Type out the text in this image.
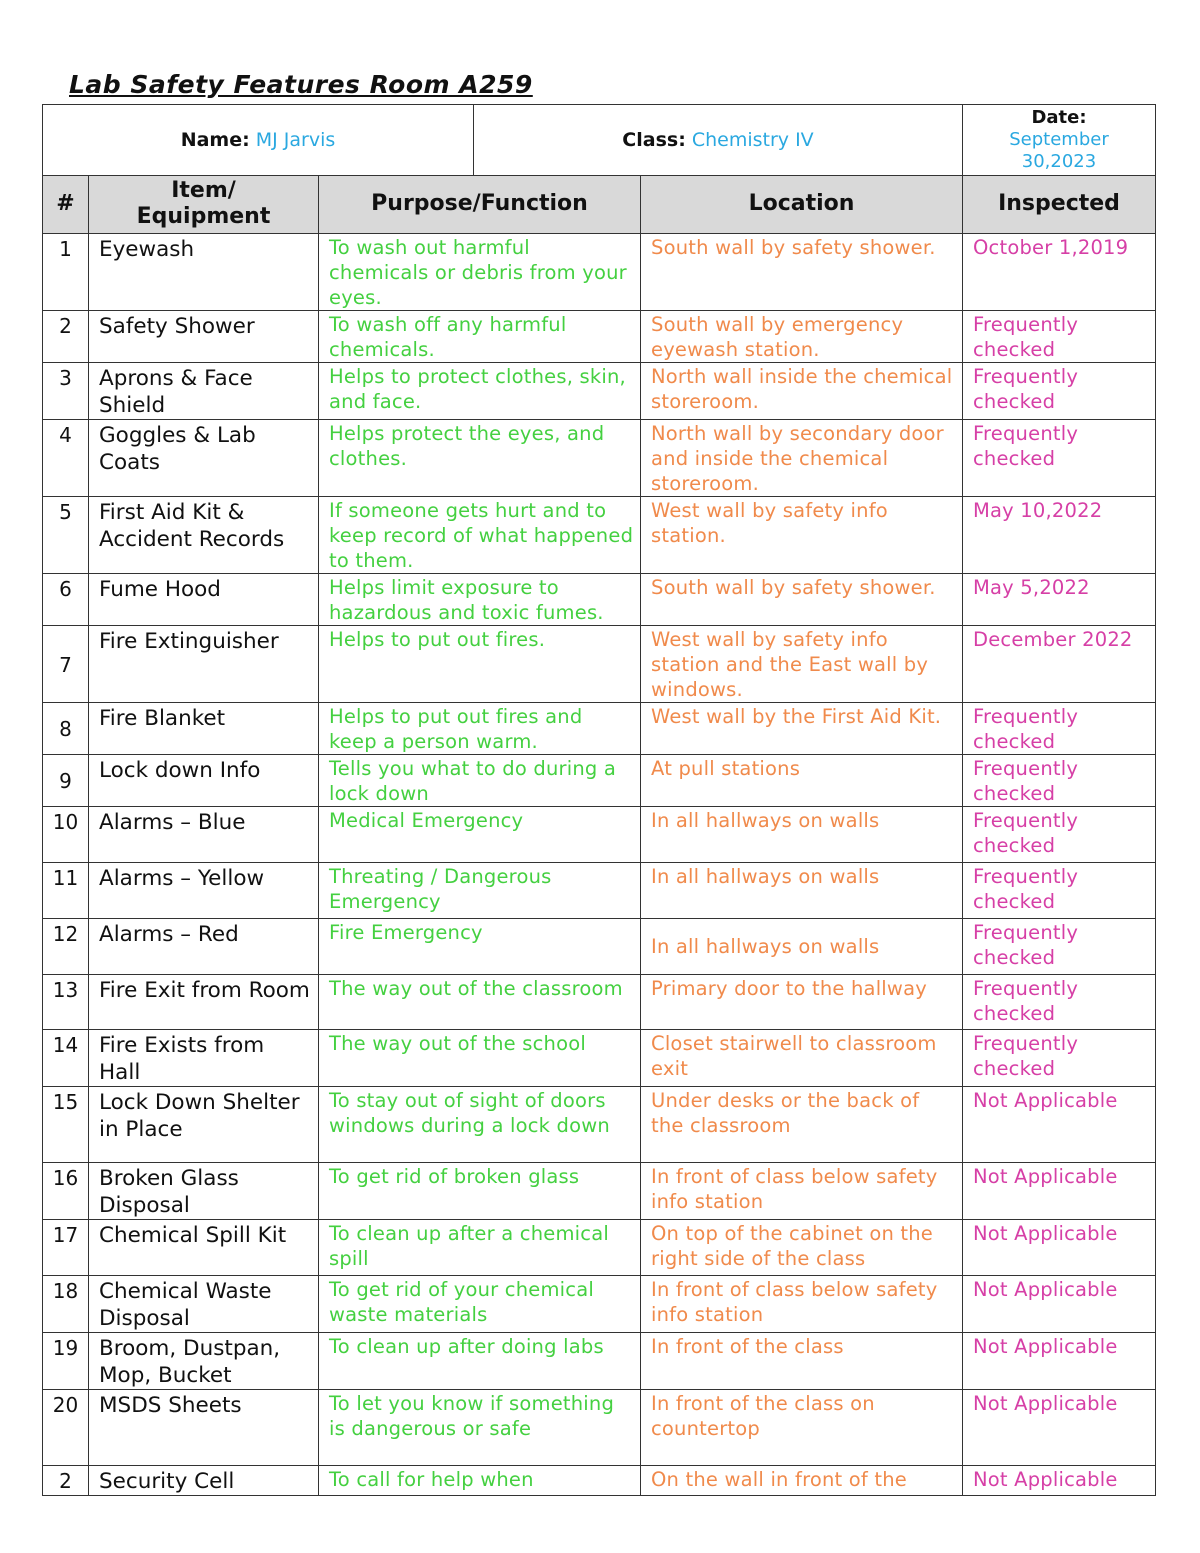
Lab Safety Features Room A259
Name: MJ Jarvis	Class: Chemistry IV	Date:
September 30,2023
#	Item/ Equipment	Purpose/Function	Location	Inspected
1	Eyewash	To wash out harmful chemicals or debris from your eyes.	South wall by safety shower.	October 1,2019
2	Safety Shower	To wash off any harmful chemicals.	South wall by emergency eyewash station.	Frequently checked
3	Aprons & Face Shield	Helps to protect clothes, skin, and face.	North wall inside the chemical storeroom.	Frequently checked
4	Goggles & Lab Coats	Helps protect the eyes, and clothes.	North wall by secondary door and inside the chemical storeroom.	Frequently checked
5	First Aid Kit & Accident Records	If someone gets hurt and to keep record of what happened to them.	West wall by safety info station.	May 10,2022
6	Fume Hood	Helps limit exposure to hazardous and toxic fumes.	South wall by safety shower.	May 5,2022
7	Fire Extinguisher	Helps to put out fires.	West wall by safety info station and the East wall by windows.	December 2022
8	Fire Blanket	Helps to put out fires and keep a person warm.	West wall by the First Aid Kit.	Frequently checked
9	Lock down Info	Tells you what to do during a lock down	At pull stations	Frequently checked
10	Alarms – Blue	Medical Emergency	In all hallways on walls	Frequently checked
11	Alarms – Yellow	Threating / Dangerous Emergency	In all hallways on walls	Frequently checked
12	Alarms – Red	Fire Emergency	In all hallways on walls	Frequently checked
13	Fire Exit from Room	The way out of the classroom	Primary door to the hallway	Frequently checked
14	Fire Exists from Hall	The way out of the school	Closet stairwell to classroom exit	Frequently checked
15	Lock Down Shelter in Place	To stay out of sight of doors windows during a lock down	Under desks or the back of the classroom	Not Applicable
16	Broken Glass Disposal	To get rid of broken glass	In front of class below safety info station	Not Applicable
17	Chemical Spill Kit	To clean up after a chemical spill	On top of the cabinet on the right side of the class	Not Applicable
18	Chemical Waste Disposal	To get rid of your chemical waste materials	In front of class below safety info station	Not Applicable
19	Broom, Dustpan, Mop, Bucket	To clean up after doing labs	In front of the class	Not Applicable
20	MSDS Sheets	To let you know if something is dangerous or safe	In front of the class on countertop	Not Applicable
2	Security Cell	To call for help when	On the wall in front of the	Not Applicable
